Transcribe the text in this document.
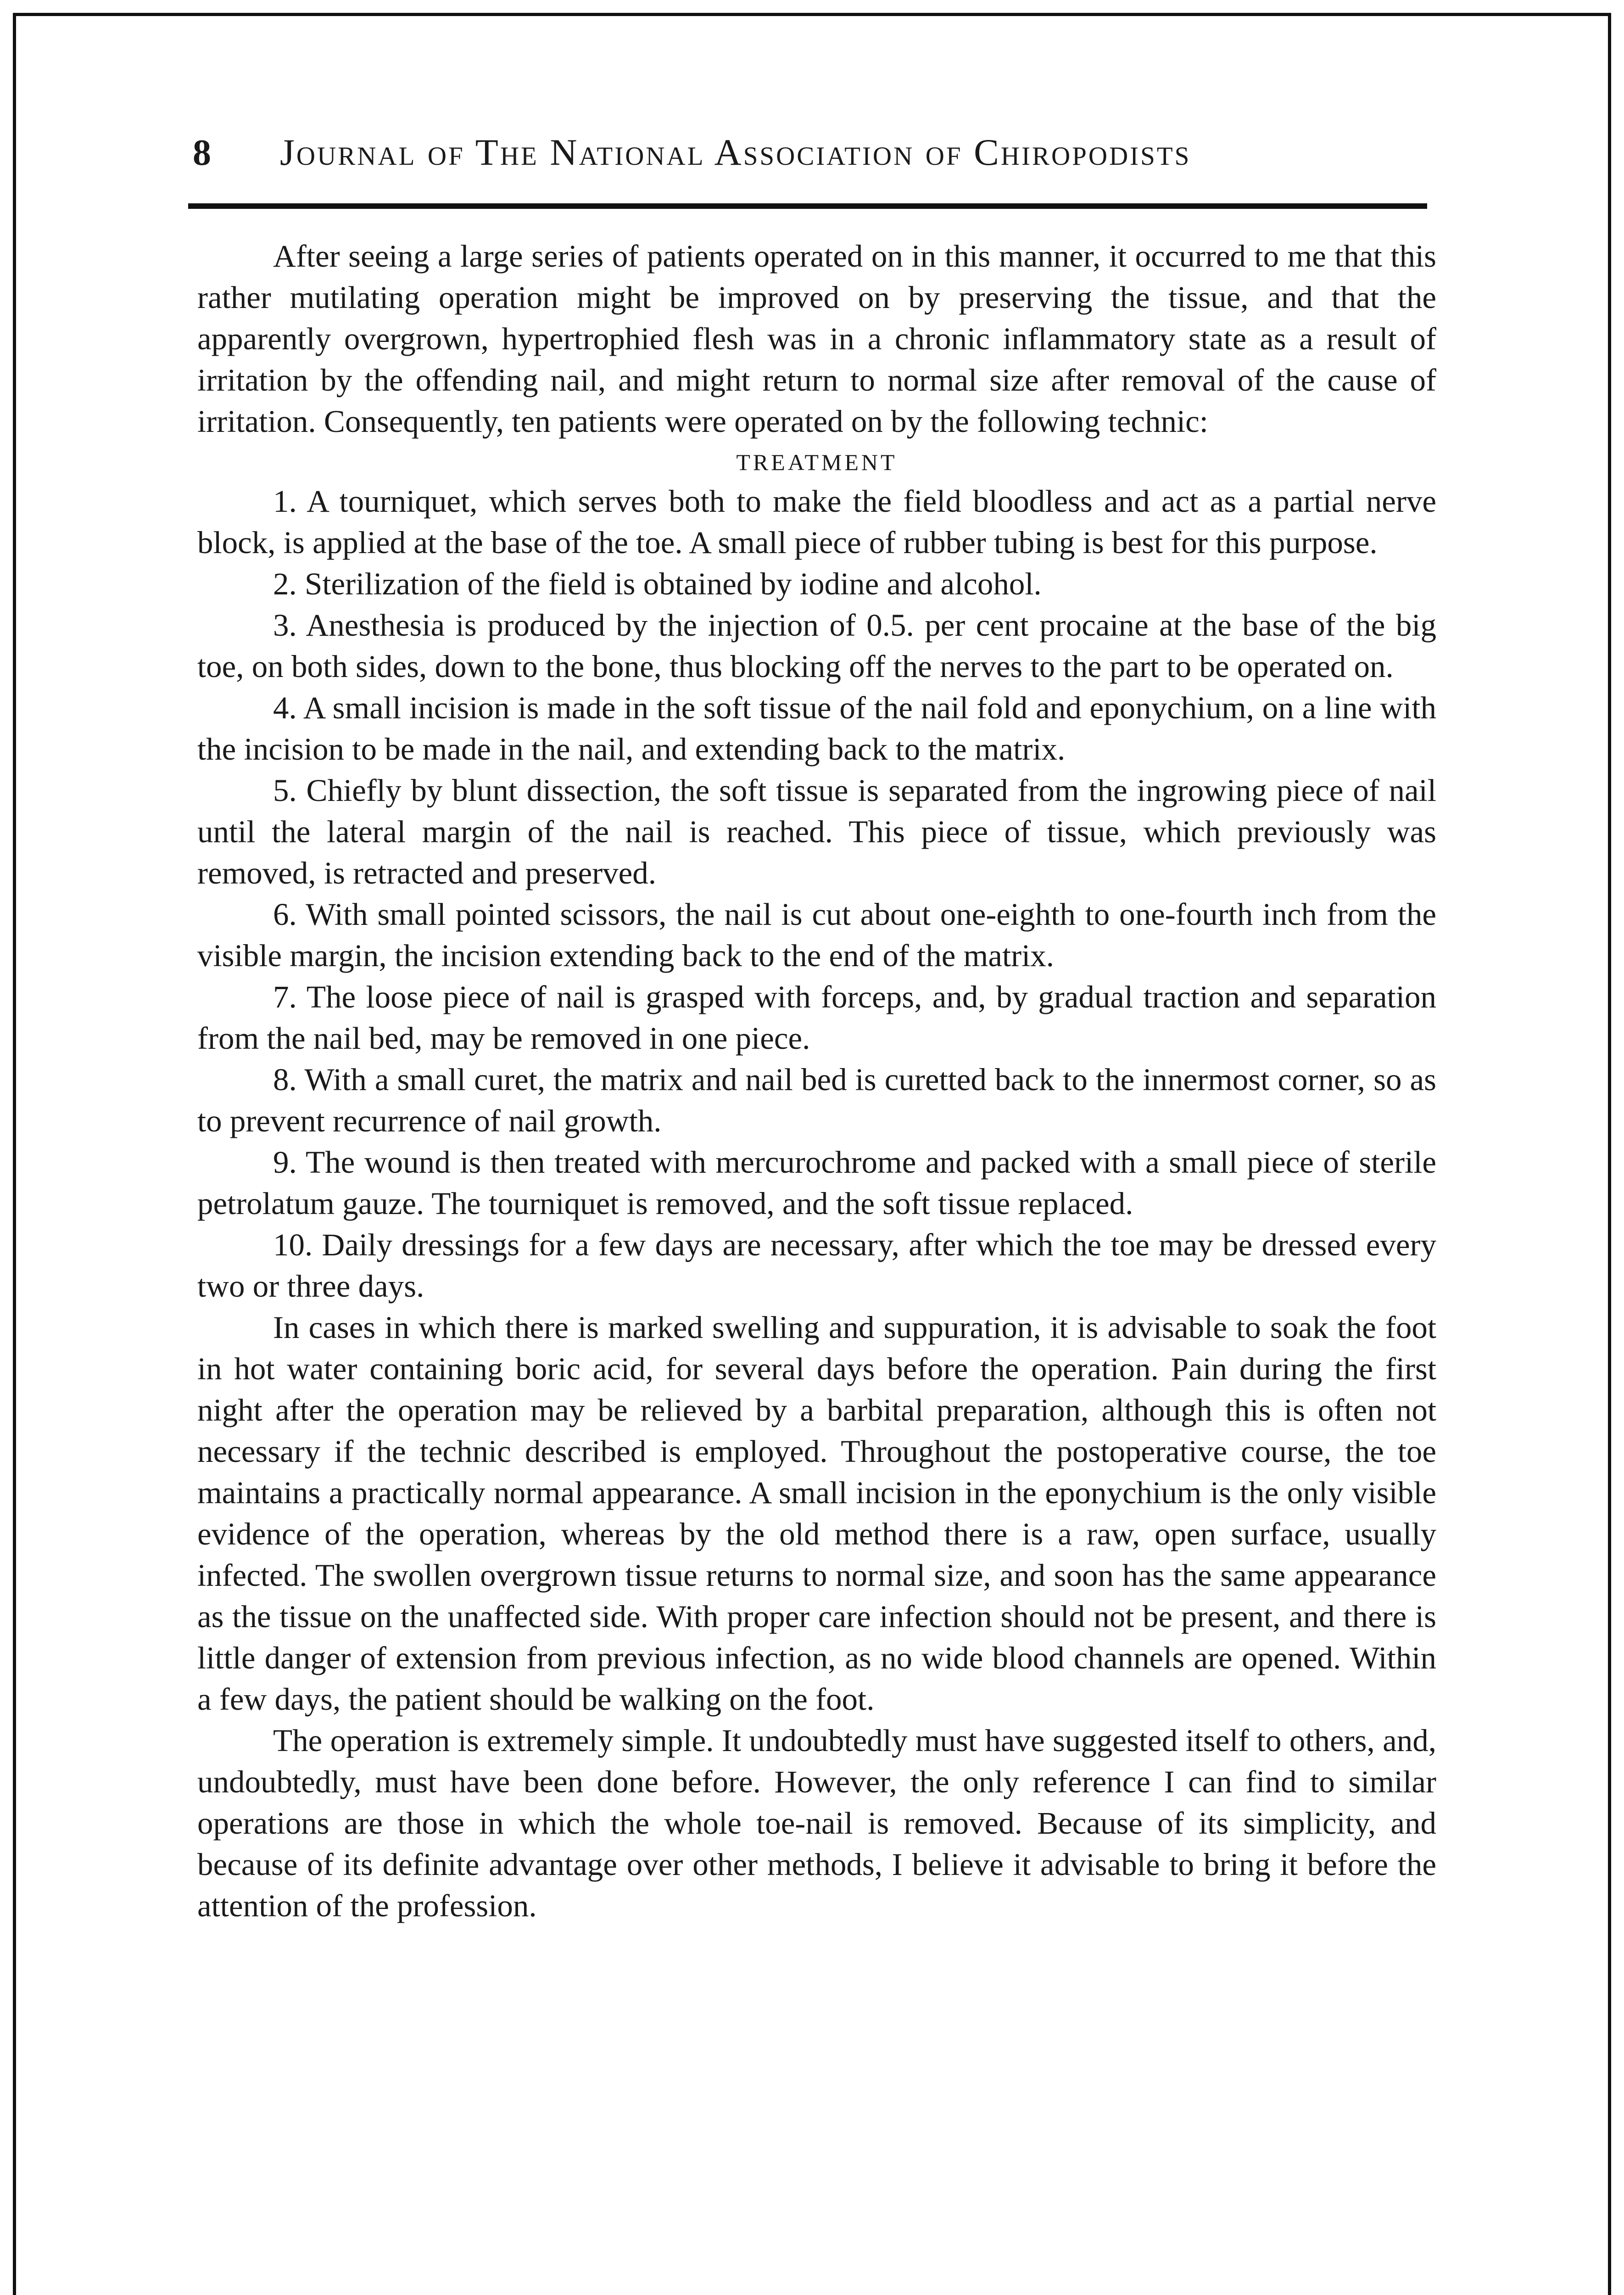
8	Journal of The National Association of Chiropodists

After seeing a large series of patients operated on in this manner, it occurred to me that this rather mutilating operation might be improved on by preserving the tissue, and that the apparently overgrown, hypertrophied flesh was in a chronic inflammatory state as a result of irritation by the offending nail, and might return to normal size after removal of the cause of irritation. Consequently, ten patients were operated on by the following technic:

TREATMENT

1. A tourniquet, which serves both to make the field bloodless and act as a partial nerve block, is applied at the base of the toe. A small piece of rubber tubing is best for this purpose.

2. Sterilization of the field is obtained by iodine and alcohol.

3. Anesthesia is produced by the injection of 0.5. per cent procaine at the base of the big toe, on both sides, down to the bone, thus blocking off the nerves to the part to be operated on.

4. A small incision is made in the soft tissue of the nail fold and eponychium, on a line with the incision to be made in the nail, and extending back to the matrix.

5. Chiefly by blunt dissection, the soft tissue is separated from the ingrowing piece of nail until the lateral margin of the nail is reached. This piece of tissue, which previously was removed, is retracted and preserved.

6. With small pointed scissors, the nail is cut about one-eighth to one-fourth inch from the visible margin, the incision extending back to the end of the matrix.

7. The loose piece of nail is grasped with forceps, and, by gradual traction and separation from the nail bed, may be removed in one piece.

8. With a small curet, the matrix and nail bed is curetted back to the innermost corner, so as to prevent recurrence of nail growth.

9. The wound is then treated with mercurochrome and packed with a small piece of sterile petrolatum gauze. The tourniquet is removed, and the soft tissue replaced.

10. Daily dressings for a few days are necessary, after which the toe may be dressed every two or three days.

In cases in which there is marked swelling and suppuration, it is advisable to soak the foot in hot water containing boric acid, for several days before the operation. Pain during the first night after the operation may be relieved by a barbital preparation, although this is often not necessary if the technic described is employed. Throughout the postoperative course, the toe maintains a practically normal appearance. A small incision in the eponychium is the only visible evidence of the operation, whereas by the old method there is a raw, open surface, usually infected. The swollen overgrown tissue returns to normal size, and soon has the same appearance as the tissue on the unaffected side. With proper care infection should not be present, and there is little danger of extension from previous infection, as no wide blood channels are opened. Within a few days, the patient should be walking on the foot.

The operation is extremely simple. It undoubtedly must have suggested itself to others, and, undoubtedly, must have been done before. However, the only reference I can find to similar operations are those in which the whole toe-nail is removed. Because of its simplicity, and because of its definite advantage over other methods, I believe it advisable to bring it before the attention of the profession.
